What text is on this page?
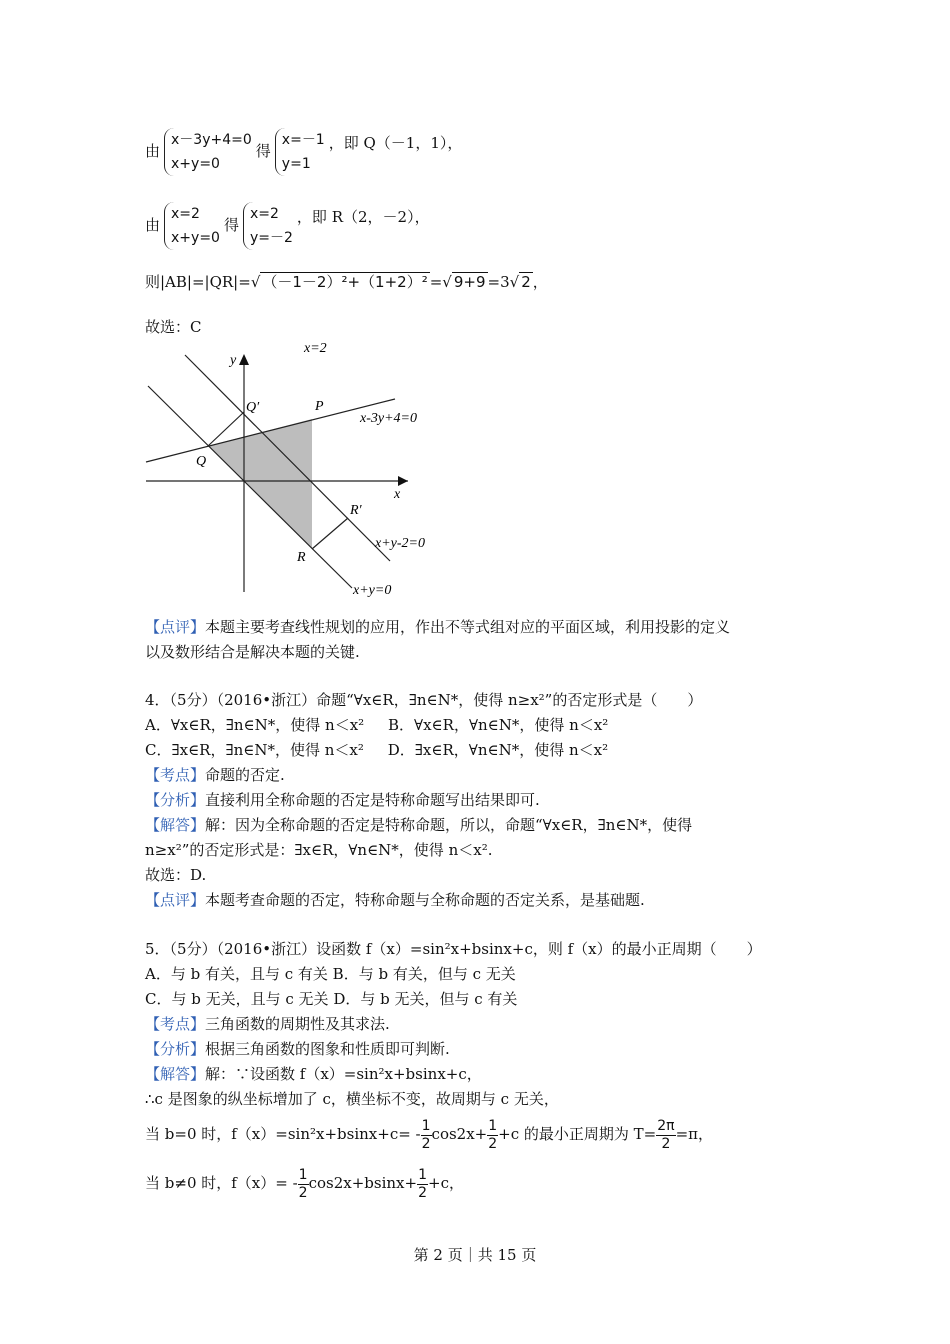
由x－3y+4=0
x+y=0得x=－1
y=1，即 Q（－1，1），
由x=2
x+y=0得x=2
y=－2，即 R（2，－2），
则|AB|=|QR|=√ （－1－2）²+（1+2）² =√ 9+9 =3√ 2 ，
故选：C
x=2
y
x
Q′	P
x-3y+4=0
Q
R′
x+y-2=0
R
x+y=0
【点评】本题主要考查线性规划的应用，作出不等式组对应的平面区域，利用投影的定义
以及数形结合是解决本题的关键.
4．（5分）（2016•浙江）命题“∀x∈R，∃n∈N*，使得 n≥x²”的否定形式是（　　）
A．∀x∈R，∃n∈N*，使得 n＜x² B．∀x∈R，∀n∈N*，使得 n＜x²
C．∃x∈R，∃n∈N*，使得 n＜x² D．∃x∈R，∀n∈N*，使得 n＜x²
【考点】命题的否定.
【分析】直接利用全称命题的否定是特称命题写出结果即可.
【解答】解：因为全称命题的否定是特称命题，所以，命题“∀x∈R，∃n∈N*，使得
n≥x²”的否定形式是：∃x∈R，∀n∈N*，使得 n＜x².
故选：D.
【点评】本题考查命题的否定，特称命题与全称命题的否定关系，是基础题.
5．（5分）（2016•浙江）设函数 f（x）=sin²x+bsinx+c，则 f（x）的最小正周期（　　）
A．与 b 有关，且与 c 有关 B．与 b 有关，但与 c 无关
C．与 b 无关，且与 c 无关 D．与 b 无关，但与 c 有关
【考点】三角函数的周期性及其求法.
【分析】根据三角函数的图象和性质即可判断.
【解答】解：∵设函数 f（x）=sin²x+bsinx+c，
∴c 是图象的纵坐标增加了 c，横坐标不变，故周期与 c 无关，
当 b=0 时，$f(x)=\sin^2x+bsinx+c= - \frac{1}{2} \cos 2x+ \frac{1}{2} +c$ 的最小正周期为 $T= \frac{2\pi}{2} =\pi$，
当 b≠0 时，$f(x)= - \frac{1}{2} \cos 2x+bsinx+ \frac{1}{2} +c$，
第 2 页｜共 15 页
